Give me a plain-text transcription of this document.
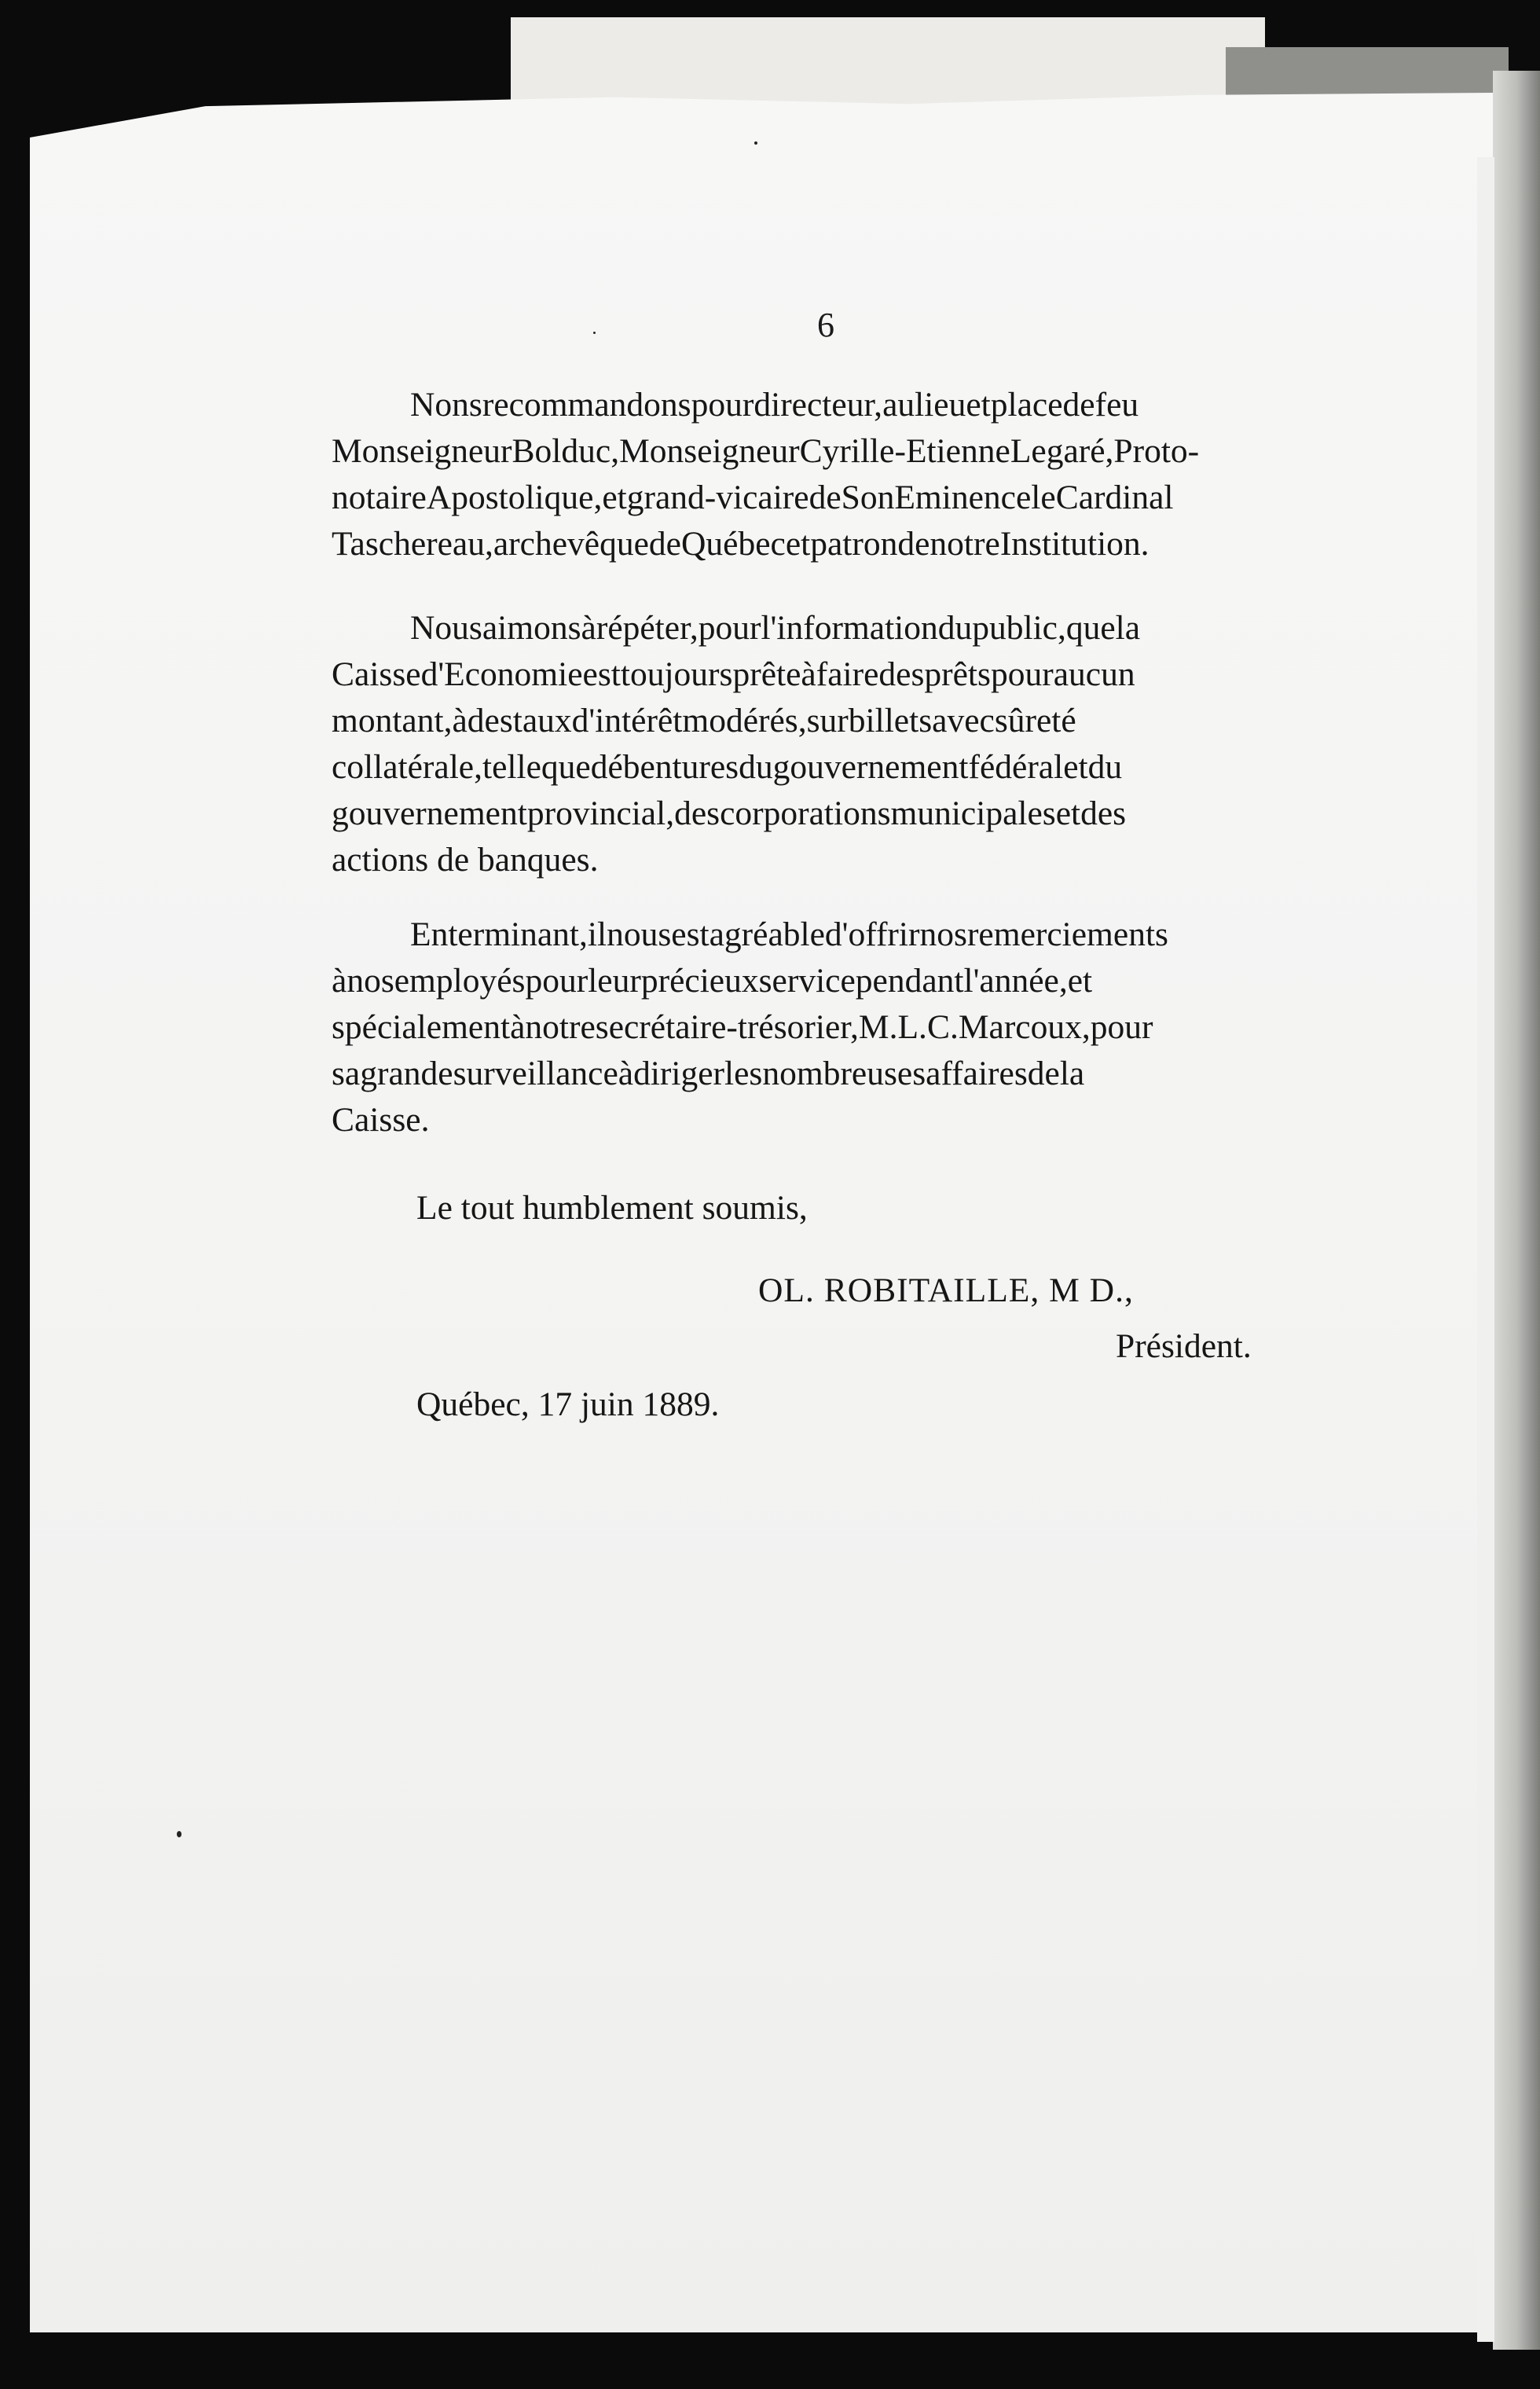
6
Nonsrecommandonspourdirecteur,aulieuetplacedefeu
MonseigneurBolduc,MonseigneurCyrille-EtienneLegaré,Proto-
notaireApostolique,etgrand-vicairedeSonEminenceleCardinal
Taschereau,archevêquedeQuébecetpatrondenotreInstitution.
Nousaimonsàrépéter,pourl'informationdupublic,quela
Caissed'Economieesttoujoursprêteàfairedesprêtspouraucun
montant,àdestauxd'intérêtmodérés,surbilletsavecsûreté
collatérale,tellequedébenturesdugouvernementfédéraletdu
gouvernementprovincial,descorporationsmunicipalesetdes
actions de banques.
Enterminant,ilnousestagréabled'offrirnosremerciements
ànosemployéspourleurprécieuxservicependantl'année,et
spécialementànotresecrétaire-trésorier,M.L.C.Marcoux,pour
sagrandesurveillanceàdirigerlesnombreusesaffairesdela
Caisse.
Le tout humblement soumis,
OL. ROBITAILLE, M D.,
Président.
Québec, 17 juin 1889.
